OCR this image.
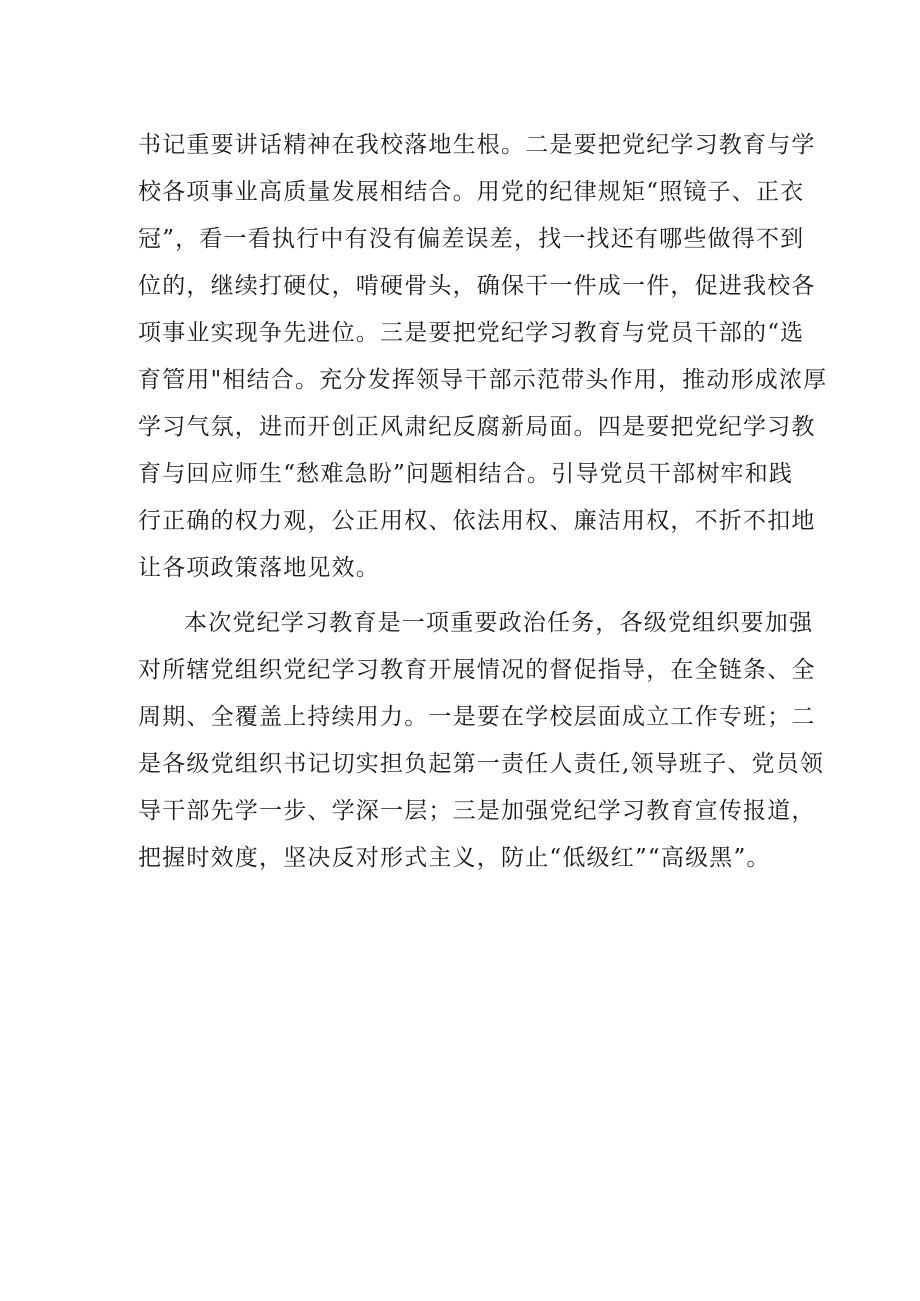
书记重要讲话精神在我校落地生根。二是要把党纪学习教育与学
校各项事业高质量发展相结合。用党的纪律规矩“照镜子、正衣
冠”，看一看执行中有没有偏差误差，找一找还有哪些做得不到
位的，继续打硬仗，啃硬骨头，确保干一件成一件，促进我校各
项事业实现争先进位。三是要把党纪学习教育与党员干部的“选
育管用"相结合。充分发挥领导干部示范带头作用，推动形成浓厚
学习气氛，进而开创正风肃纪反腐新局面。四是要把党纪学习教
育与回应师生“愁难急盼”问题相结合。引导党员干部树牢和践
行正确的权力观，公正用权、依法用权、廉洁用权，不折不扣地
让各项政策落地见效。
本次党纪学习教育是一项重要政治任务，各级党组织要加强
对所辖党组织党纪学习教育开展情况的督促指导，在全链条、全
周期、全覆盖上持续用力。一是要在学校层面成立工作专班；二
是各级党组织书记切实担负起第一责任人责任,领导班子、党员领
导干部先学一步、学深一层；三是加强党纪学习教育宣传报道，
把握时效度，坚决反对形式主义，防止“低级红”“高级黑”。
